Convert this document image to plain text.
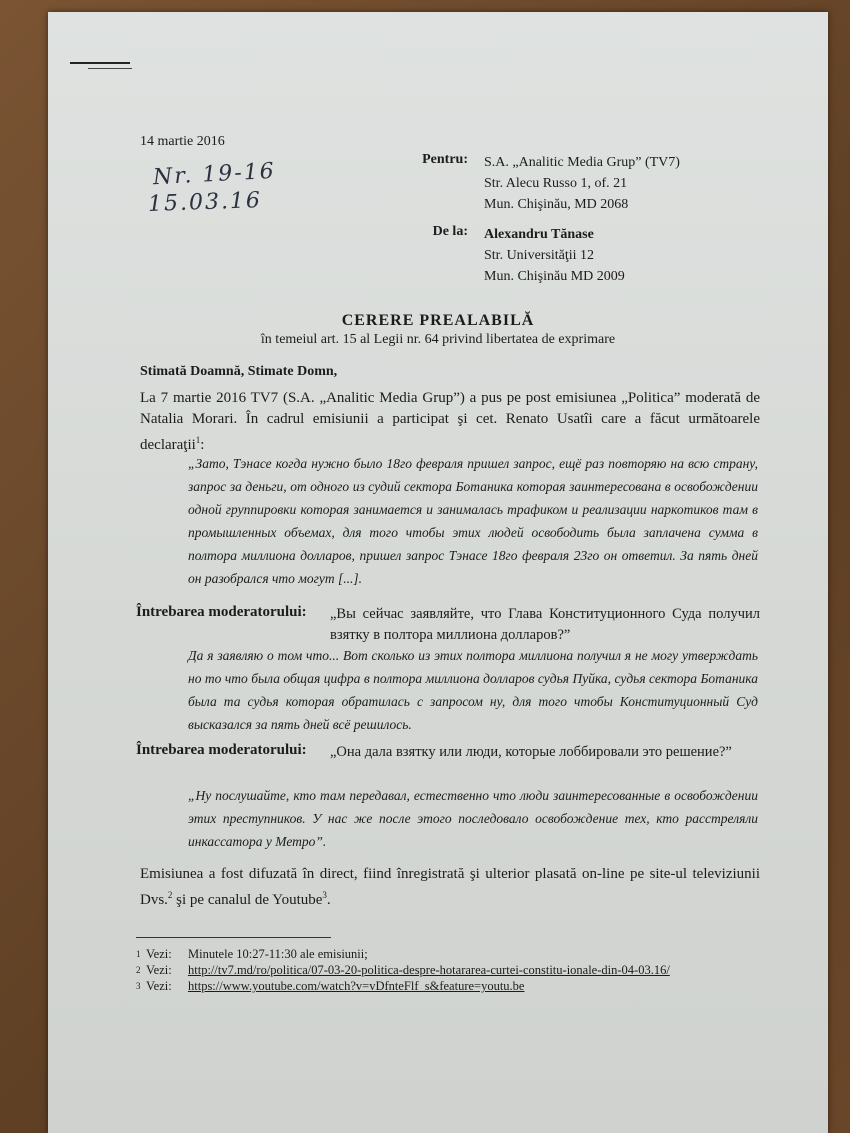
14 martie 2016
Nr. 19-16
15.03.16
Pentru: S.A. „Analitic Media Grup” (TV7)
Str. Alecu Russo 1, of. 21
Mun. Chişinău, MD 2068
De la: Alexandru Tănase
Str. Universităţii 12
Mun. Chişinău MD 2009
CERERE PREALABILĂ
în temeiul art. 15 al Legii nr. 64 privind libertatea de exprimare
Stimată Doamnă, Stimate Domn,
La 7 martie 2016 TV7 (S.A. „Analitic Media Grup”) a pus pe post emisiunea „Politica” moderată de Natalia Morari. În cadrul emisiunii a participat şi cet. Renato Usatîi care a făcut următoarele declaraţii$^1$:
„Зато, Тэнасе когда нужно было 18го февраля пришел запрос, ещё раз повторяю на всю страну, запрос за деньги, от одного из судий сектора Ботаника которая заинтересована в освобождении одной группировки которая занимается и занималась трафиком и реализации наркотиков там в промышленных объемах, для того чтобы этих людей освободить была заплачена сумма в полтора миллиона долларов, пришел запрос Тэнасе 18го февраля 23го он ответил. За пять дней он разобрался что могут [...].
Întrebarea moderatorului: „Вы сейчас заявляйте, что Глава Конституционного Суда получил взятку в полтора миллиона долларов?”
Да я заявляю о том что... Вот сколько из этих полтора миллиона получил я не могу утверждать но то что была общая цифра в полтора миллиона долларов судья Пуйка, судья сектора Ботаника была та судья которая обратилась с запросом ну, для того чтобы Конституционный Суд высказался за пять дней всё решилось.
Întrebarea moderatorului: „Она дала взятку или люди, которые лоббировали это решение?”
„Ну послушайте, кто там передавал, естественно что люди заинтересованные в освобождении этих преступников. У нас же после этого последовало освобождение тех, кто расстреляли инкассатора у Метро”.
Emisiunea a fost difuzată în direct, fiind înregistrată şi ulterior plasată on-line pe site-ul televiziunii Dvs.$^2$ şi pe canalul de Youtube$^3$.
1 Vezi: Minutele 10:27-11:30 ale emisiunii;
2 Vezi: http://tv7.md/ro/politica/07-03-20-politica-despre-hotararea-curtei-constitu-ionale-din-04-03.16/
3 Vezi: https://www.youtube.com/watch?v=vDfnteFlf_s&feature=youtu.be
